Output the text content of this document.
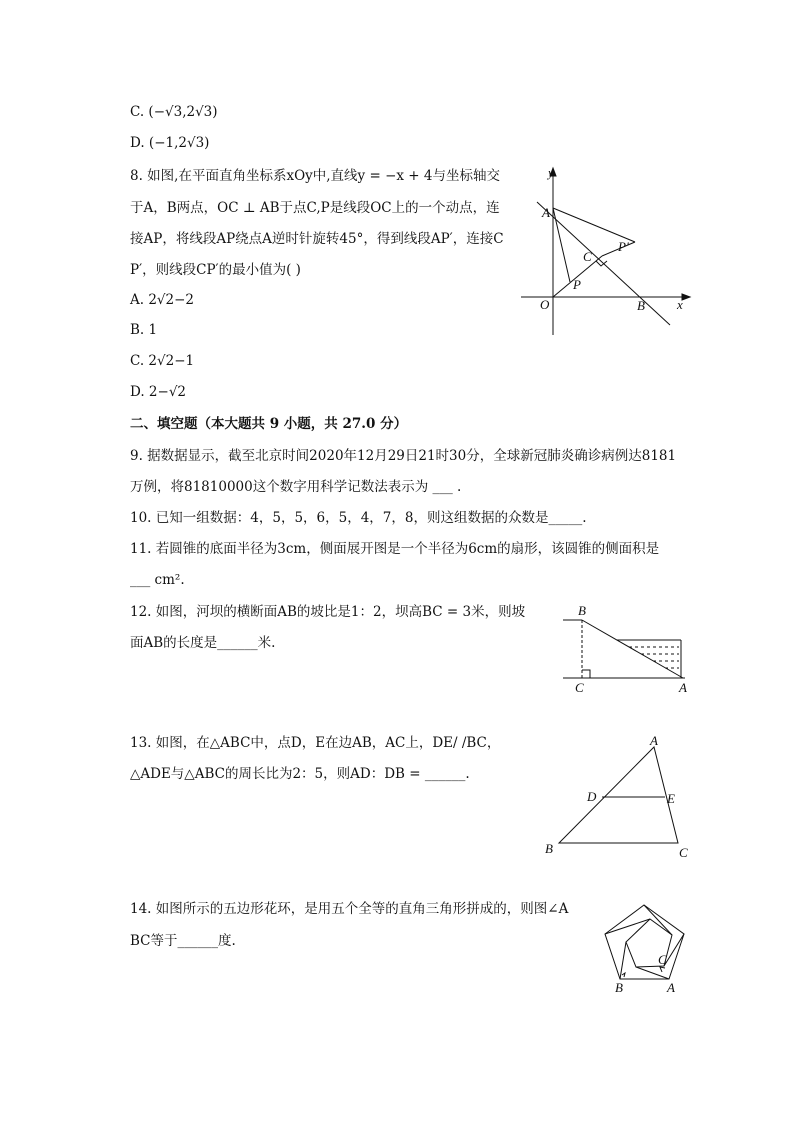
C. (−√3,2√3)
D. (−1,2√3)
8. 如图,在平面直角坐标系xOy中,直线y = −x + 4与坐标轴交
于A，B两点，OC ⊥ AB于点C,P是线段OC上的一个动点，连
接AP，将线段AP绕点A逆时针旋转45°，得到线段AP′，连接C
P′，则线段CP′的最小值为( )
A. 2√2−2
B. 1
C. 2√2−1
D. 2−√2
y
A
C
P′
P
O	B x
二、填空题（本大题共 9 小题，共 27.0 分）
9. 据数据显示，截至北京时间2020年12月29日21时30分，全球新冠肺炎确诊病例达8181
万例，将81810000这个数字用科学记数法表示为 ___ .
10. 已知一组数据：4，5，5，6，5，4，7，8，则这组数据的众数是_____.
11. 若圆锥的底面半径为3cm，侧面展开图是一个半径为6cm的扇形，该圆锥的侧面积是
___ cm².
12. 如图，河坝的横断面AB的坡比是1：2，坝高BC = 3米，则坡
面AB的长度是______米.
B
C	A
13. 如图，在△ABC中，点D，E在边AB，AC上，DE/ /BC，
△ADE与△ABC的周长比为2：5，则AD：DB = ______.
A
D	E
B	C
14. 如图所示的五边形花环，是用五个全等的直角三角形拼成的，则图∠A
BC等于______度.
C
B	A
